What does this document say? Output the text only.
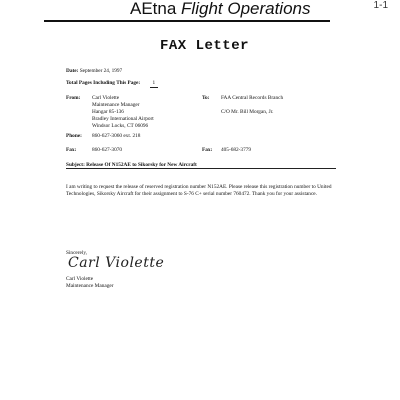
AEtna Flight Operations	1-1
FAX Letter
Date: September 24, 1997
Total Pages Including This Page: 1
From: Carl Violette
Maintenance Manager
Hangar 85-136
Bradley International Airport
Windsor Locks, CT 06096
To: FAA Central Records Branch
C/O Mr. Bill Morgan, Jr.
Phone: 860-627-3060 ext. 218
Fax:	860-627-3070	Fax: 405-682-3779
Subject: Release Of N152AE to Sikorsky for New Aircraft
I am writing to request the release of reserved registration number N152AE. Please release this registration number to United Technologies, Sikorsky Aircraft for their assignment to S-76 C+ serial number 760472. Thank you for your assistance.
Sincerely,
Carl Violette
Carl Violette
Maintenance Manager
